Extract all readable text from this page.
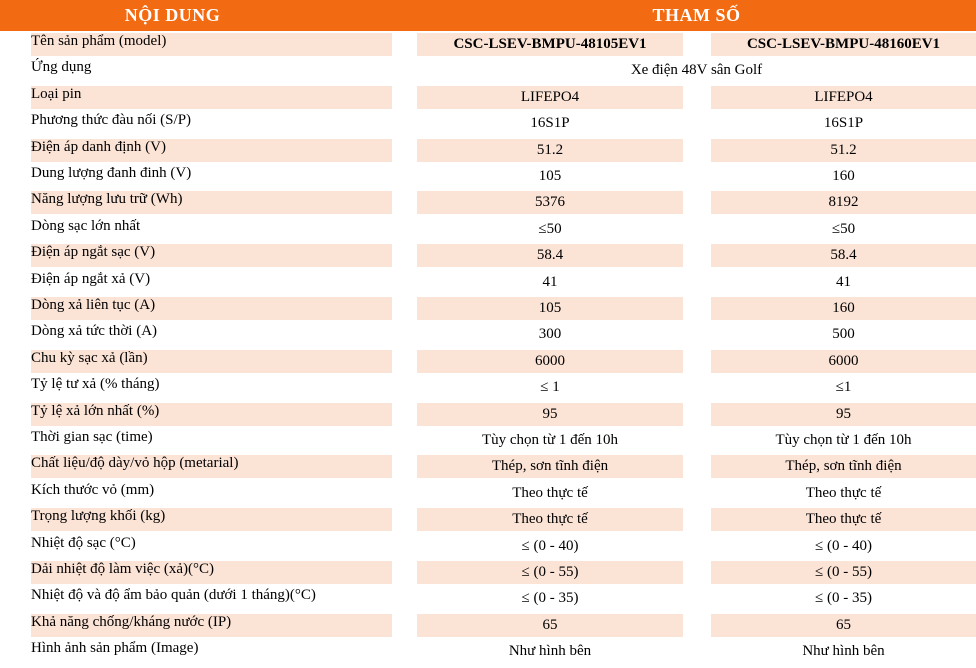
NỘI DUNG	THAM SỐ
Tên sản phẩm (model)	CSC-LSEV-BMPU-48105EV1	CSC-LSEV-BMPU-48160EV1
Ứng dụng	Xe điện 48V sân Golf
Loại pin	LIFEPO4	LIFEPO4
Phương thức đàu nối (S/P)	16S1P	16S1P
Điện áp danh định (V)	51.2	51.2
Dung lượng đanh đinh (V)	105	160
Năng lượng lưu trữ (Wh)	5376	8192
Dòng sạc lớn nhất	≤50	≤50
Điện áp ngắt sạc (V)	58.4	58.4
Điện áp ngắt xả (V)	41	41
Dòng xả liên tục (A)	105	160
Dòng xả tức thời (A)	300	500
Chu kỳ sạc xả (lần)	6000	6000
Tỷ lệ tư xả (% tháng)	≤ 1	≤1
Tỷ lệ xả lớn nhất (%)	95	95
Thời gian sạc (time)	Tùy chọn từ 1 đến 10h	Tùy chọn từ 1 đến 10h
Chất liệu/độ dày/vỏ hộp (metarial)	Thép, sơn tĩnh điện	Thép, sơn tĩnh điện
Kích thước vỏ (mm)	Theo thực tế	Theo thực tế
Trọng lượng khối (kg)	Theo thực tế	Theo thực tế
Nhiệt độ sạc (°C)	≤ (0 - 40)	≤ (0 - 40)
Dải nhiệt độ làm việc (xả)(°C)	≤ (0 - 55)	≤ (0 - 55)
Nhiệt độ và độ ẩm bảo quản (dưới 1 tháng)(°C)	≤ (0 - 35)	≤ (0 - 35)
Khả năng chống/kháng nước (IP)	65	65
Hình ảnh sản phẩm (Image)	Như hình bên	Như hình bên
